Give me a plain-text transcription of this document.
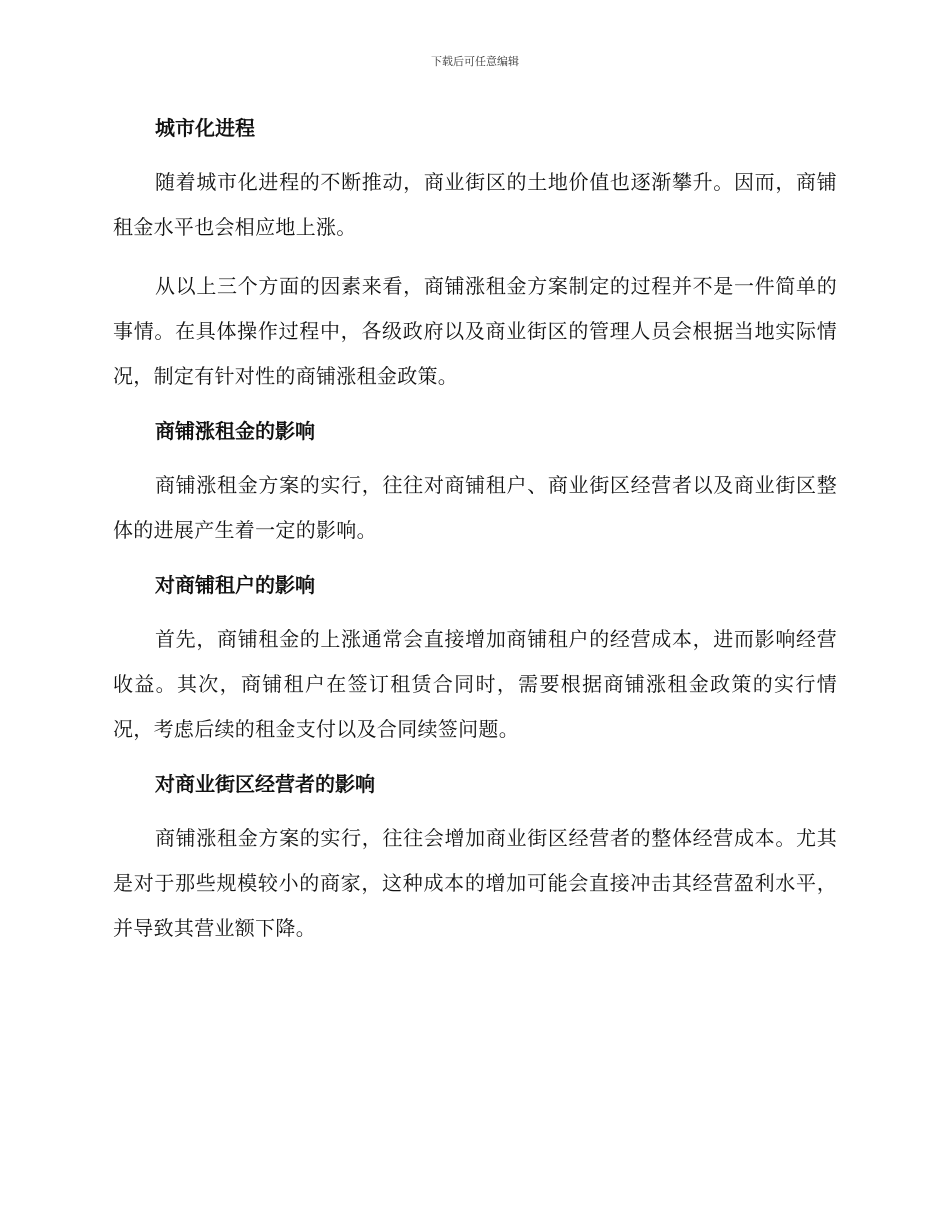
下载后可任意编辑
城市化进程

随着城市化进程的不断推动，商业街区的土地价值也逐渐攀升。因而，商铺租金水平也会相应地上涨。

从以上三个方面的因素来看，商铺涨租金方案制定的过程并不是一件简单的事情。在具体操作过程中，各级政府以及商业街区的管理人员会根据当地实际情况，制定有针对性的商铺涨租金政策。

商铺涨租金的影响

商铺涨租金方案的实行，往往对商铺租户、商业街区经营者以及商业街区整体的进展产生着一定的影响。

对商铺租户的影响

首先，商铺租金的上涨通常会直接增加商铺租户的经营成本，进而影响经营收益。其次，商铺租户在签订租赁合同时，需要根据商铺涨租金政策的实行情况，考虑后续的租金支付以及合同续签问题。

对商业街区经营者的影响

商铺涨租金方案的实行，往往会增加商业街区经营者的整体经营成本。尤其是对于那些规模较小的商家，这种成本的增加可能会直接冲击其经营盈利水平，并导致其营业额下降。
